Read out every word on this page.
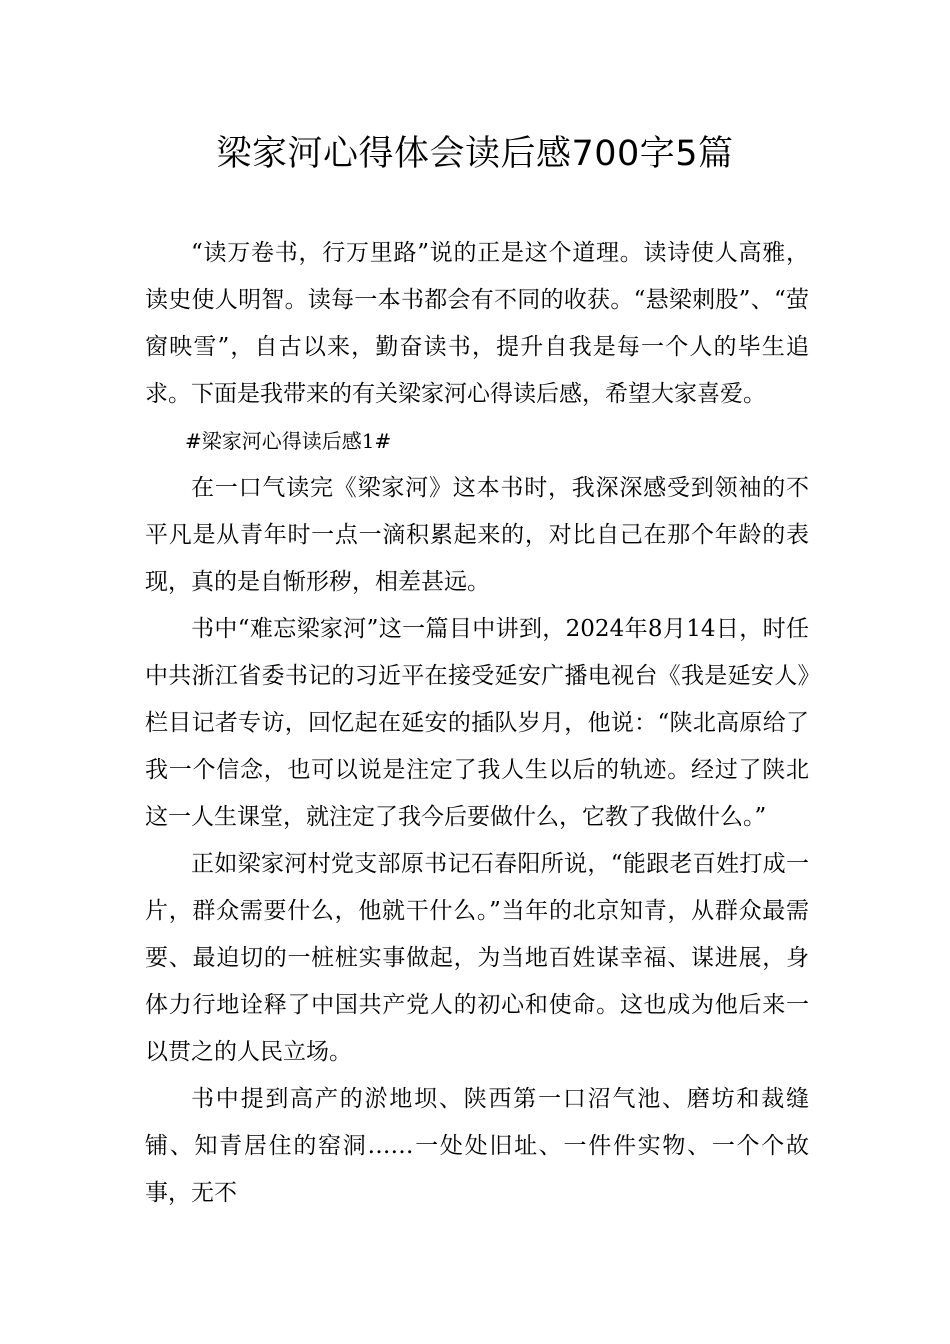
梁家河心得体会读后感700字5篇

“读万卷书，行万里路”说的正是这个道理。读诗使人高雅，读史使人明智。读每一本书都会有不同的收获。“悬梁刺股”、“萤窗映雪”，自古以来，勤奋读书，提升自我是每一个人的毕生追求。下面是我带来的有关梁家河心得读后感，希望大家喜爱。

#梁家河心得读后感1#

在一口气读完《梁家河》这本书时，我深深感受到领袖的不平凡是从青年时一点一滴积累起来的，对比自己在那个年龄的表现，真的是自惭形秽，相差甚远。

书中“难忘梁家河”这一篇目中讲到，2024年8月14日，时任中共浙江省委书记的习近平在接受延安广播电视台《我是延安人》栏目记者专访，回忆起在延安的插队岁月，他说：“陕北高原给了我一个信念，也可以说是注定了我人生以后的轨迹。经过了陕北这一人生课堂，就注定了我今后要做什么，它教了我做什么。”

正如梁家河村党支部原书记石春阳所说，“能跟老百姓打成一片，群众需要什么，他就干什么。”当年的北京知青，从群众最需要、最迫切的一桩桩实事做起，为当地百姓谋幸福、谋进展，身体力行地诠释了中国共产党人的初心和使命。这也成为他后来一以贯之的人民立场。

书中提到高产的淤地坝、陕西第一口沼气池、磨坊和裁缝铺、知青居住的窑洞……一处处旧址、一件件实物、一个个故事，无不
